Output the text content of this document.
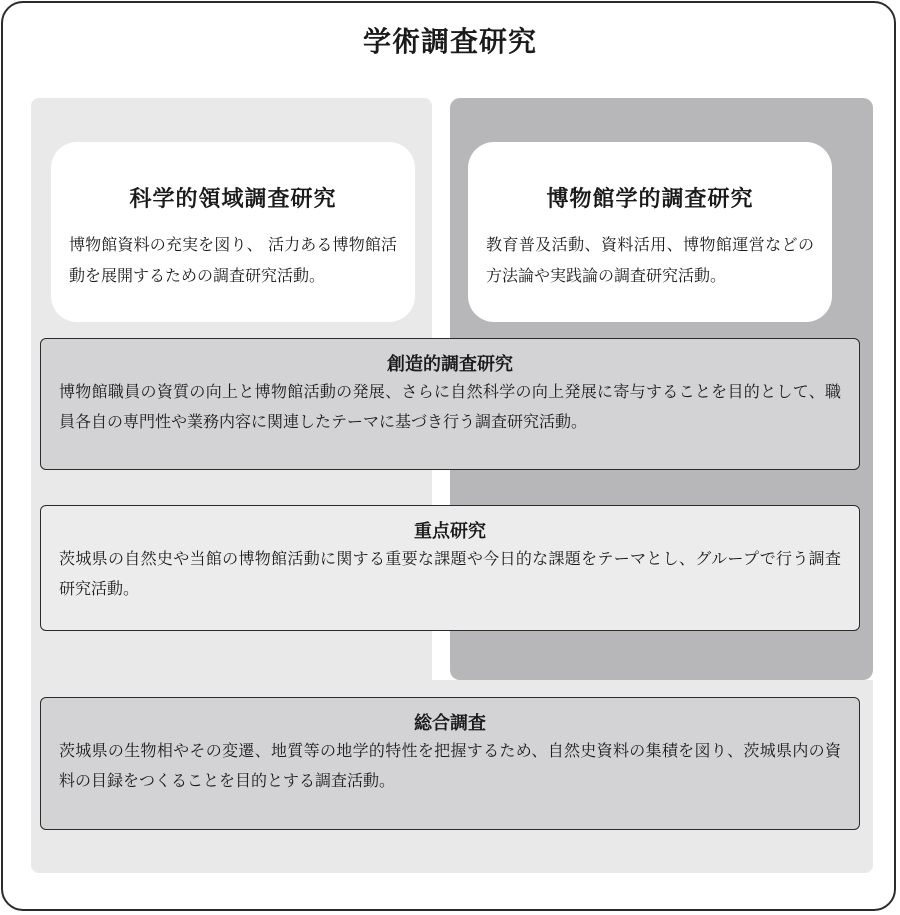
学術調査研究
科学的領域調査研究
博物館資料の充実を図り、 活力ある博物館活動を展開するための調査研究活動。
博物館学的調査研究
教育普及活動、資料活用、博物館運営などの方法論や実践論の調査研究活動。
創造的調査研究
博物館職員の資質の向上と博物館活動の発展、さらに自然科学の向上発展に寄与することを目的として、職員各自の専門性や業務内容に関連したテーマに基づき行う調査研究活動。
重点研究
茨城県の自然史や当館の博物館活動に関する重要な課題や今日的な課題をテーマとし、グループで行う調査研究活動。
総合調査
茨城県の生物相やその変遷、地質等の地学的特性を把握するため、自然史資料の集積を図り、茨城県内の資料の目録をつくることを目的とする調査活動。
